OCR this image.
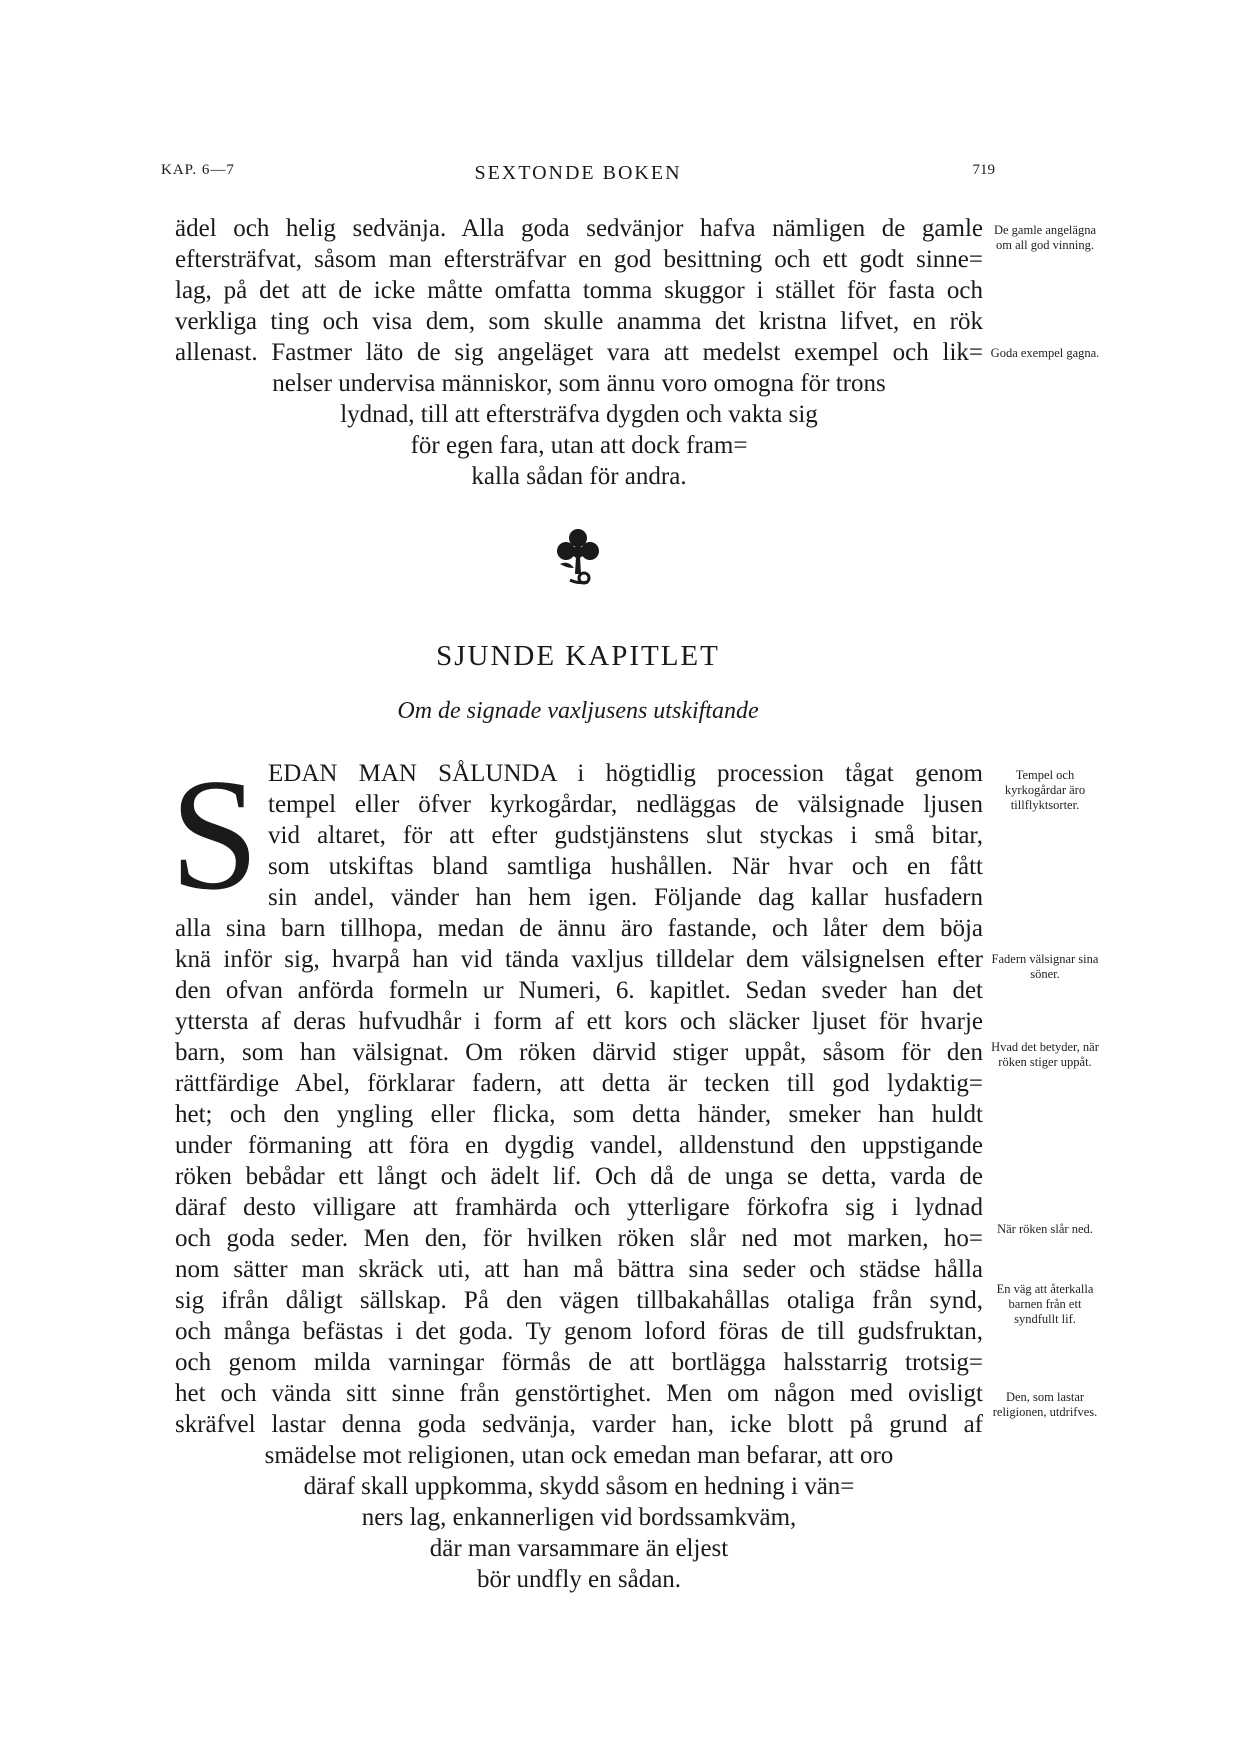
KAP. 6—7	SEXTONDE BOKEN	719
ädel och helig sedvänja. Alla goda sedvänjor hafva nämligen de gamle
eftersträfvat, såsom man eftersträfvar en god besittning och ett godt sinne=
lag, på det att de icke måtte omfatta tomma skuggor i stället för fasta och
verkliga ting och visa dem, som skulle anamma det kristna lifvet, en rök
allenast. Fastmer läto de sig angeläget vara att medelst exempel och lik=
nelser undervisa människor, som ännu voro omogna för trons
lydnad, till att eftersträfva dygden och vakta sig
för egen fara, utan att dock fram=
kalla sådan för andra.
SJUNDE KAPITLET
Om de signade vaxljusens utskiftande
S EDAN MAN SÅLUNDA i högtidlig procession tågat genom
tempel eller öfver kyrkogårdar, nedläggas de välsignade ljusen
vid altaret, för att efter gudstjänstens slut styckas i små bitar,
som utskiftas bland samtliga hushållen. När hvar och en fått
sin andel, vänder han hem igen. Följande dag kallar husfadern
alla sina barn tillhopa, medan de ännu äro fastande, och låter dem böja
knä inför sig, hvarpå han vid tända vaxljus tilldelar dem välsignelsen efter
den ofvan anförda formeln ur Numeri, 6. kapitlet. Sedan sveder han det
yttersta af deras hufvudhår i form af ett kors och släcker ljuset för hvarje
barn, som han välsignat. Om röken därvid stiger uppåt, såsom för den
rättfärdige Abel, förklarar fadern, att detta är tecken till god lydaktig=
het; och den yngling eller flicka, som detta händer, smeker han huldt
under förmaning att föra en dygdig vandel, alldenstund den uppstigande
röken bebådar ett långt och ädelt lif. Och då de unga se detta, varda de
däraf desto villigare att framhärda och ytterligare förkofra sig i lydnad
och goda seder. Men den, för hvilken röken slår ned mot marken, ho=
nom sätter man skräck uti, att han må bättra sina seder och städse hålla
sig ifrån dåligt sällskap. På den vägen tillbakahållas otaliga från synd,
och många befästas i det goda. Ty genom loford föras de till gudsfruktan,
och genom milda varningar förmås de att bortlägga halsstarrig trotsig=
het och vända sitt sinne från genstörtighet. Men om någon med ovisligt
skräfvel lastar denna goda sedvänja, varder han, icke blott på grund af
smädelse mot religionen, utan ock emedan man befarar, att oro
däraf skall uppkomma, skydd såsom en hedning i vän=
ners lag, enkannerligen vid bordssamkväm,
där man varsammare än eljest
bör undfly en sådan.
De gamle angelägna om all god vinning.
Goda exempel gagna.
Tempel och kyrkogårdar äro tillflyktsorter.
Fadern välsignar sina söner.
Hvad det betyder, när röken stiger uppåt.
När röken slår ned.
En väg att återkalla barnen från ett syndfullt lif.
Den, som lastar religionen, utdrifves.
